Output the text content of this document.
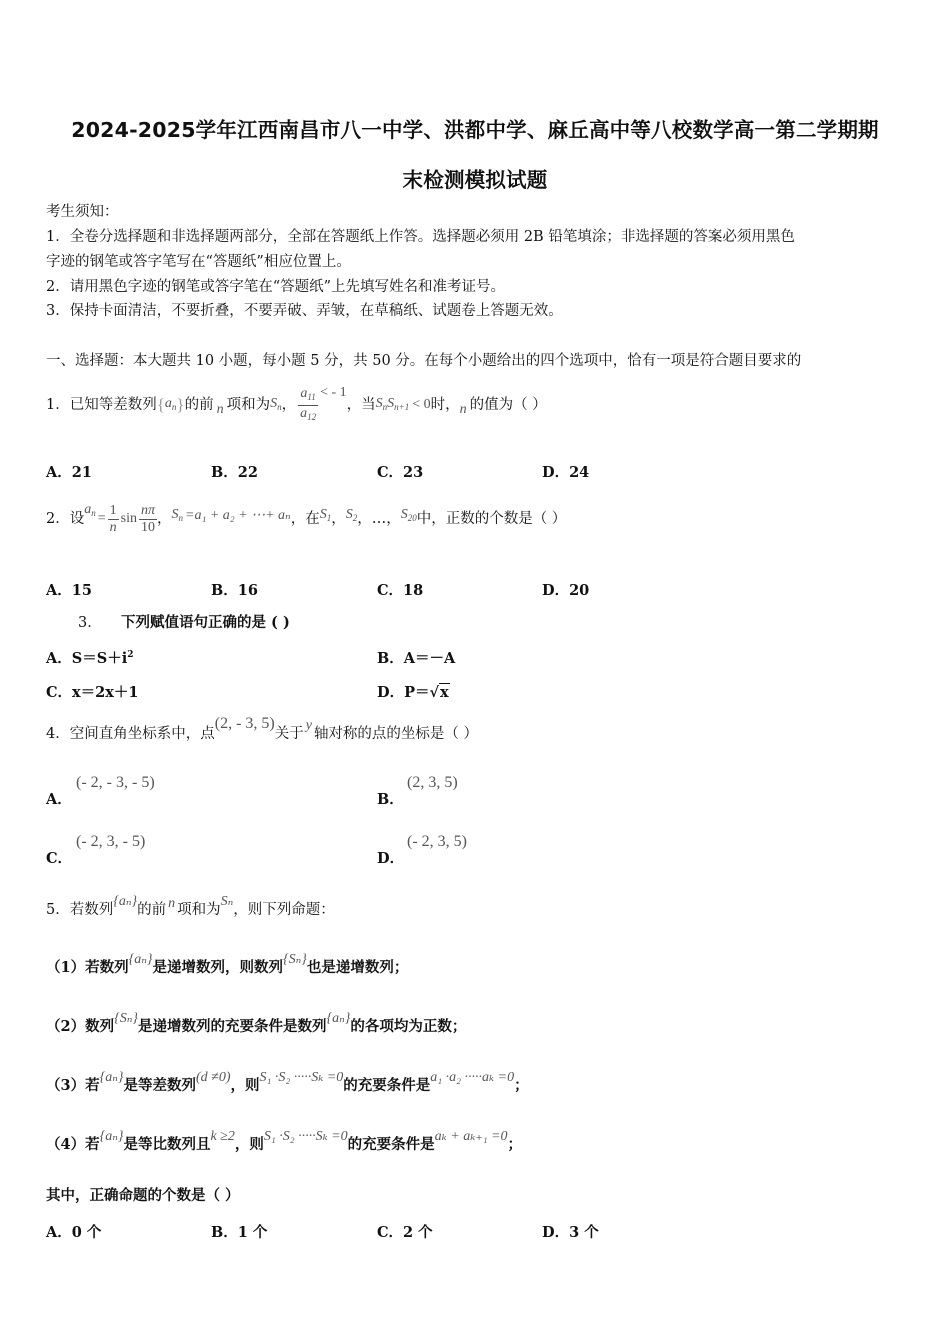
2024-2025学年江西南昌市八一中学、洪都中学、麻丘高中等八校数学高一第二学期期
末检测模拟试题
考生须知：
1．全卷分选择题和非选择题两部分，全部在答题纸上作答。选择题必须用 2B 铅笔填涂；非选择题的答案必须用黑色
字迹的钢笔或答字笔写在“答题纸”相应位置上。
2．请用黑色字迹的钢笔或答字笔在“答题纸”上先填写姓名和准考证号。
3．保持卡面清洁，不要折叠，不要弄破、弄皱，在草稿纸、试题卷上答题无效。
一、选择题：本大题共 10 小题，每小题 5 分，共 50 分。在每个小题给出的四个选项中，恰有一项是符合题目要求的
1．已知等差数列 { $a_n$ } 的前 n 项和为 $S_n$ ， $\frac{a_{11}}{a_{12}}$ < - 1
，当 $S_nS_{n+1} < 0$ 时， n 的值为（ ）
A．21	B．22	C．23	D．24
2．设
$a_n = \frac{1}{n}$ $\sin \frac{n\pi}{10}$ ， $S_n =a_1 + a_2$ + ⋯+ aₙ ，在 $S_1$ ， $S_2$ ，…， $S_{20}$ 中，正数的个数是（ ）
A．15	B．16	C．18	D．20
3． 下列赋值语句正确的是 ( )
A．$S=S+i^2$	B．A＝－A
C．x＝2x＋1	D．P＝√x
4．空间直角坐标系中，点
(2, - 3, 5)
关于
y
轴对称的点的坐标是（ ）
A．
(- 2, - 3, - 5)
B．
(2, 3, 5)
C．
(- 2, 3, - 5)
D．
(- 2, 3, 5)
5．若数列
{aₙ}
的前 n 项和为
Sₙ
，则下列命题：
（1）若数列 {aₙ} 是递增数列，则数列 {Sₙ} 也是递增数列；
（2）数列 {Sₙ} 是递增数列的充要条件是数列 {aₙ} 的各项均为正数；
（3）若 {aₙ} 是等差数列 (d ≠0) ，则 S₁ ·S₂ ·····Sₖ =0 的充要条件是 a₁ ·a₂ ·····aₖ =0 ；
（4）若 {aₙ} 是等比数列且 k ≥2 ，则 S₁ ·S₂ ·····Sₖ =0 的充要条件是 aₖ + aₖ₊₁ =0 ；
其中，正确命题的个数是（ ）
A．0 个	B．1 个	C．2 个	D．3 个
